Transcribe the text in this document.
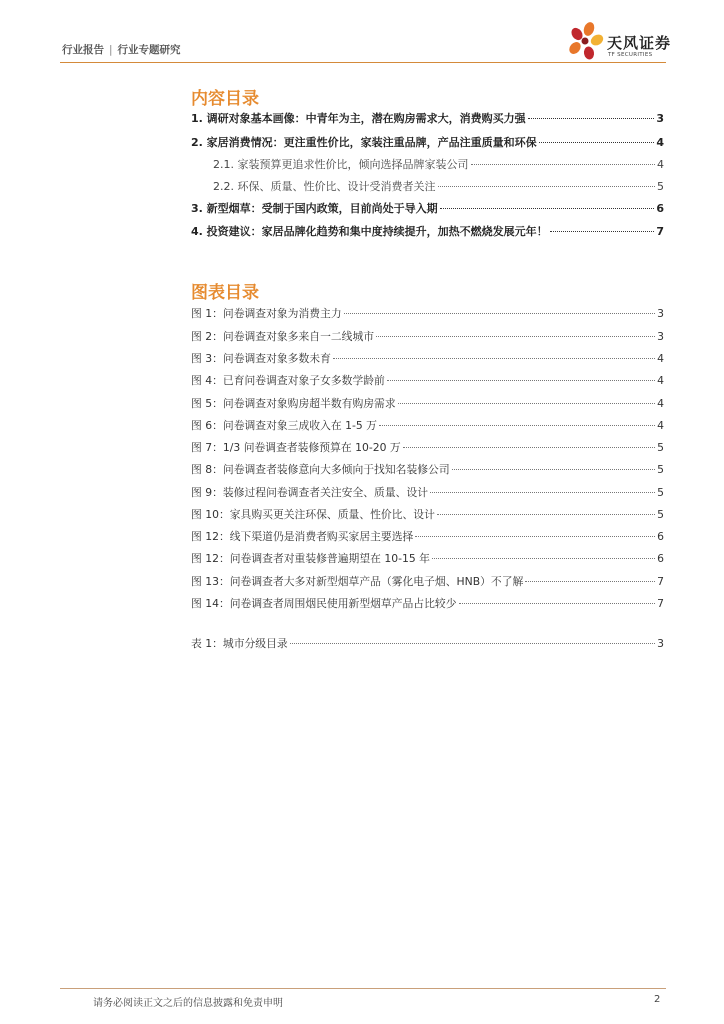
行业报告 | 行业专题研究	天风证券
TF SECURITIES
内容目录
1. 调研对象基本画像：中青年为主，潜在购房需求大，消费购买力强	3
2. 家居消费情况：更注重性价比，家装注重品牌，产品注重质量和环保	4
2.1. 家装预算更追求性价比，倾向选择品牌家装公司	4
2.2. 环保、质量、性价比、设计受消费者关注	5
3. 新型烟草：受制于国内政策，目前尚处于导入期	6
4. 投资建议：家居品牌化趋势和集中度持续提升，加热不燃烧发展元年！	7
图表目录
图 1：问卷调查对象为消费主力	3
图 2：问卷调查对象多来自一二线城市	3
图 3：问卷调查对象多数未育	4
图 4：已育问卷调查对象子女多数学龄前	4
图 5：问卷调查对象购房超半数有购房需求	4
图 6：问卷调查对象三成收入在 1-5 万	4
图 7：1/3 问卷调查者装修预算在 10-20 万	5
图 8：问卷调查者装修意向大多倾向于找知名装修公司	5
图 9：装修过程问卷调查者关注安全、质量、设计	5
图 10：家具购买更关注环保、质量、性价比、设计	5
图 12：线下渠道仍是消费者购买家居主要选择	6
图 12：问卷调查者对重装修普遍期望在 10-15 年	6
图 13：问卷调查者大多对新型烟草产品（雾化电子烟、HNB）不了解	7
图 14：问卷调查者周围烟民使用新型烟草产品占比较少	7
表 1：城市分级目录	3
请务必阅读正文之后的信息披露和免责申明	2
